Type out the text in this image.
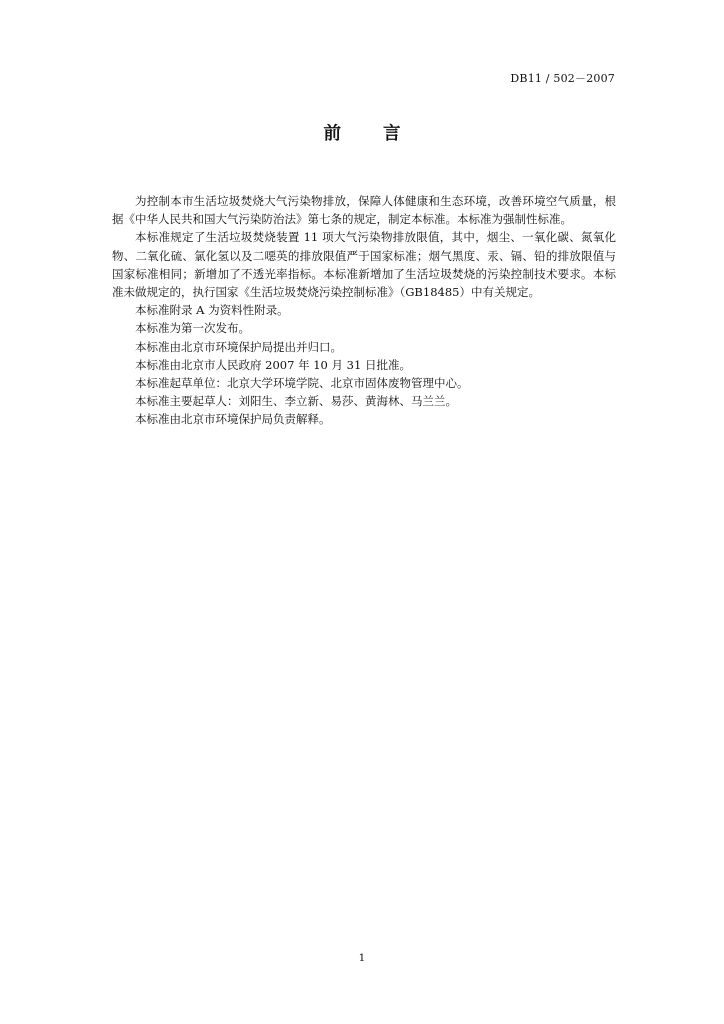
DB11 / 502－2007
前 言

为控制本市生活垃圾焚烧大气污染物排放，保障人体健康和生态环境，改善环境空气质量，根据《中华人民共和国大气污染防治法》第七条的规定，制定本标准。本标准为强制性标准。

本标准规定了生活垃圾焚烧装置 11 项大气污染物排放限值，其中，烟尘、一氧化碳、氮氧化物、二氧化硫、氯化氢以及二噁英的排放限值严于国家标准；烟气黑度、汞、镉、铅的排放限值与国家标准相同；新增加了不透光率指标。本标准新增加了生活垃圾焚烧的污染控制技术要求。本标准未做规定的，执行国家《生活垃圾焚烧污染控制标准》（GB18485）中有关规定。

本标准附录 A 为资料性附录。

本标准为第一次发布。

本标准由北京市环境保护局提出并归口。

本标准由北京市人民政府 2007 年 10 月 31 日批准。

本标准起草单位：北京大学环境学院、北京市固体废物管理中心。

本标准主要起草人：刘阳生、李立新、易莎、黄海林、马兰兰。

本标准由北京市环境保护局负责解释。

1
